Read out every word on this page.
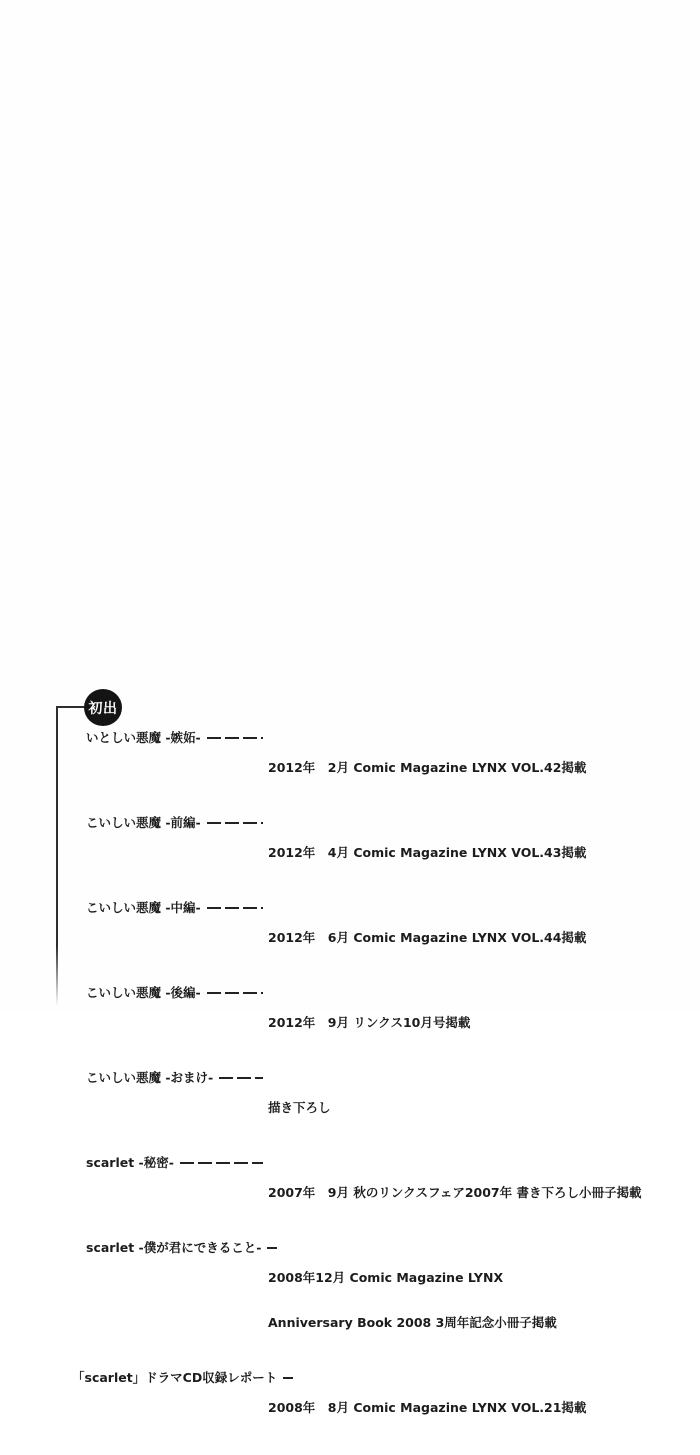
初出
いとしい悪魔 -嫉妬-

2012年　2月 Comic Magazine LYNX VOL.42掲載

こいしい悪魔 -前編-

2012年　4月 Comic Magazine LYNX VOL.43掲載

こいしい悪魔 -中編-

2012年　6月 Comic Magazine LYNX VOL.44掲載

こいしい悪魔 -後編-

2012年　9月 リンクス10月号掲載

こいしい悪魔 -おまけ-

描き下ろし

scarlet -秘密-

2007年　9月 秋のリンクスフェア2007年 書き下ろし小冊子掲載

scarlet -僕が君にできること-

2008年12月 Comic Magazine LYNX

Anniversary Book 2008 3周年記念小冊子掲載

「scarlet」ドラマCD収録レポート

2008年　8月 Comic Magazine LYNX VOL.21掲載
